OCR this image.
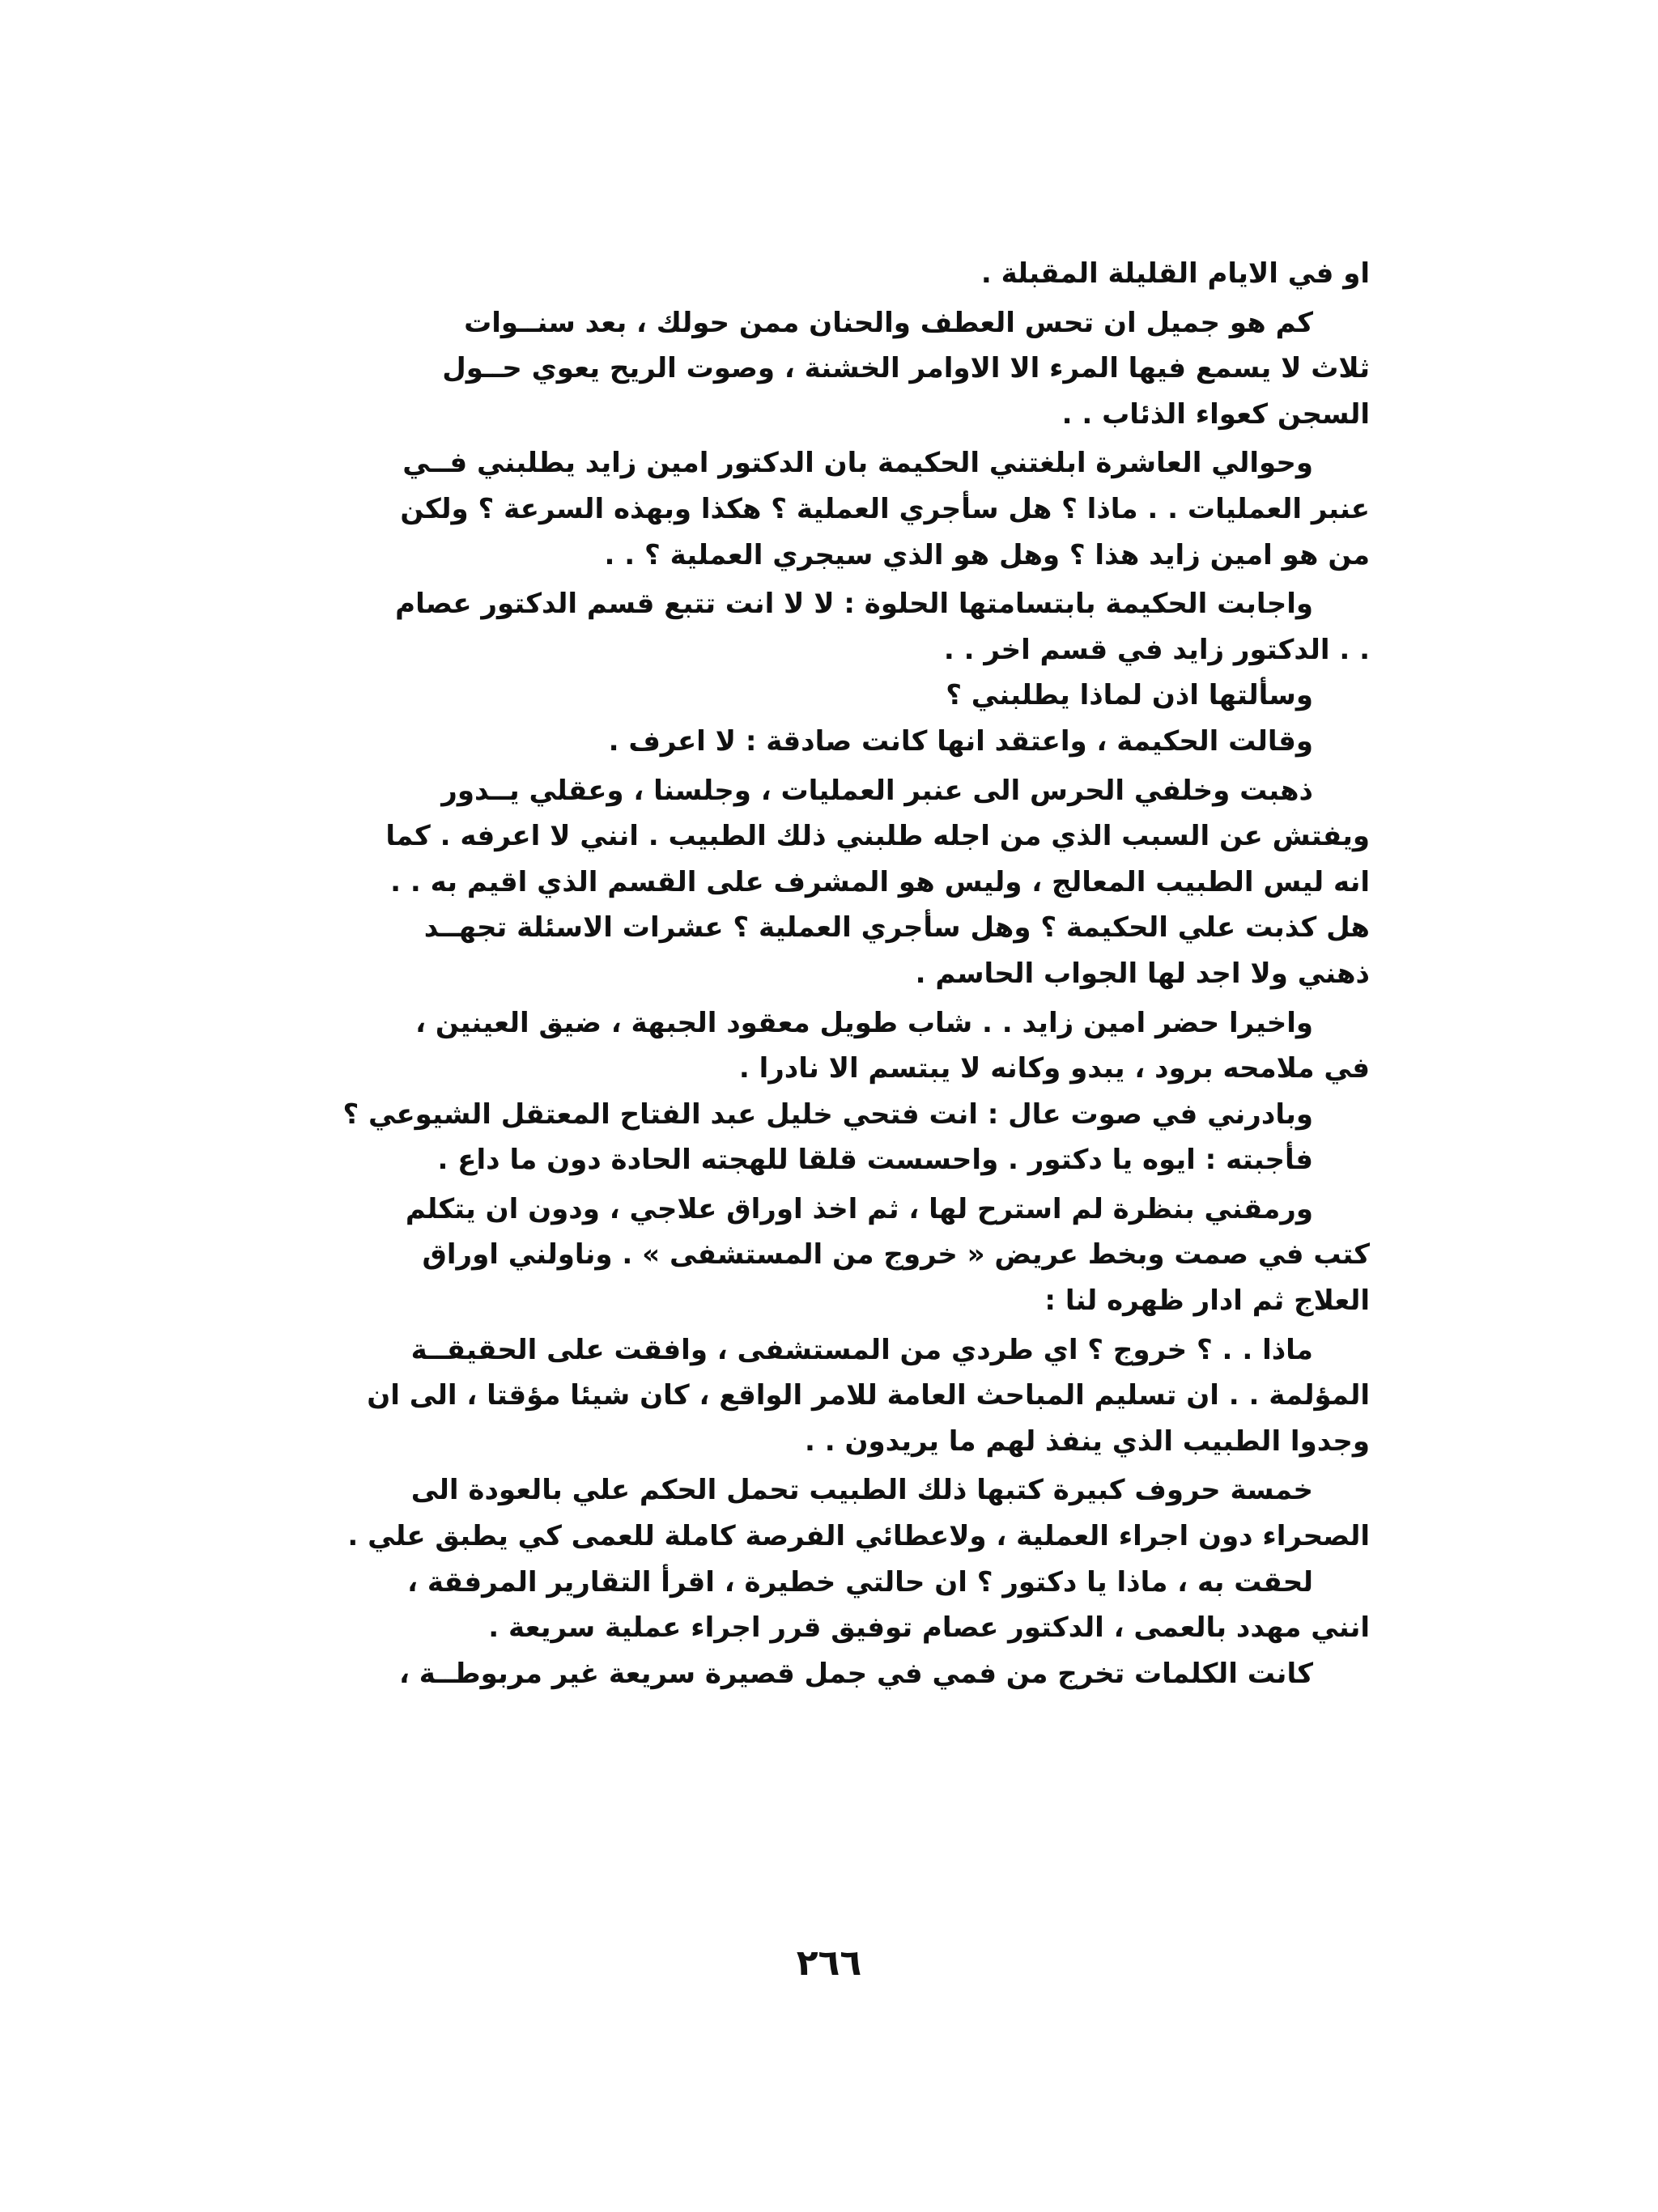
او في الايام القليلة المقبلة .
كم هو جميل ان تحس العطف والحنان ممن حولك ، بعد سنــوات
ثلاث لا يسمع فيها المرء الا الاوامر الخشنة ، وصوت الريح يعوي حــول
السجن كعواء الذئاب . .
وحوالي العاشرة ابلغتني الحكيمة بان الدكتور امين زايد يطلبني فــي
عنبر العمليات . . ماذا ؟ هل سأجري العملية ؟ هكذا وبهذه السرعة ؟ ولكن
من هو امين زايد هذا ؟ وهل هو الذي سيجري العملية ؟ . .
واجابت الحكيمة بابتسامتها الحلوة : لا لا انت تتبع قسم الدكتور عصام
. . الدكتور زايد في قسم اخر . .
وسألتها اذن لماذا يطلبني ؟
وقالت الحكيمة ، واعتقد انها كانت صادقة : لا اعرف .
ذهبت وخلفي الحرس الى عنبر العمليات ، وجلسنا ، وعقلي يــدور
ويفتش عن السبب الذي من اجله طلبني ذلك الطبيب . انني لا اعرفه . كما
انه ليس الطبيب المعالج ، وليس هو المشرف على القسم الذي اقيم به . .
هل كذبت علي الحكيمة ؟ وهل سأجري العملية ؟ عشرات الاسئلة تجهــد
ذهني ولا اجد لها الجواب الحاسم .
واخيرا حضر امين زايد . . شاب طويل معقود الجبهة ، ضيق العينين ،
في ملامحه برود ، يبدو وكانه لا يبتسم الا نادرا .
وبادرني في صوت عال : انت فتحي خليل عبد الفتاح المعتقل الشيوعي ؟
فأجبته : ايوه يا دكتور . واحسست قلقا للهجته الحادة دون ما داع .
ورمقني بنظرة لم استرح لها ، ثم اخذ اوراق علاجي ، ودون ان يتكلم
كتب في صمت وبخط عريض « خروج من المستشفى » . وناولني اوراق
العلاج ثم ادار ظهره لنا :
ماذا . . ؟ خروج ؟ اي طردي من المستشفى ، وافقت على الحقيقــة
المؤلمة . . ان تسليم المباحث العامة للامر الواقع ، كان شيئا مؤقتا ، الى ان
وجدوا الطبيب الذي ينفذ لهم ما يريدون . .
خمسة حروف كبيرة كتبها ذلك الطبيب تحمل الحكم علي بالعودة الى
الصحراء دون اجراء العملية ، ولاعطائي الفرصة كاملة للعمى كي يطبق علي .
لحقت به ، ماذا يا دكتور ؟ ان حالتي خطيرة ، اقرأ التقارير المرفقة ،
انني مهدد بالعمى ، الدكتور عصام توفيق قرر اجراء عملية سريعة .
كانت الكلمات تخرج من فمي في جمل قصيرة سريعة غير مربوطــة ،
٢٦٦
